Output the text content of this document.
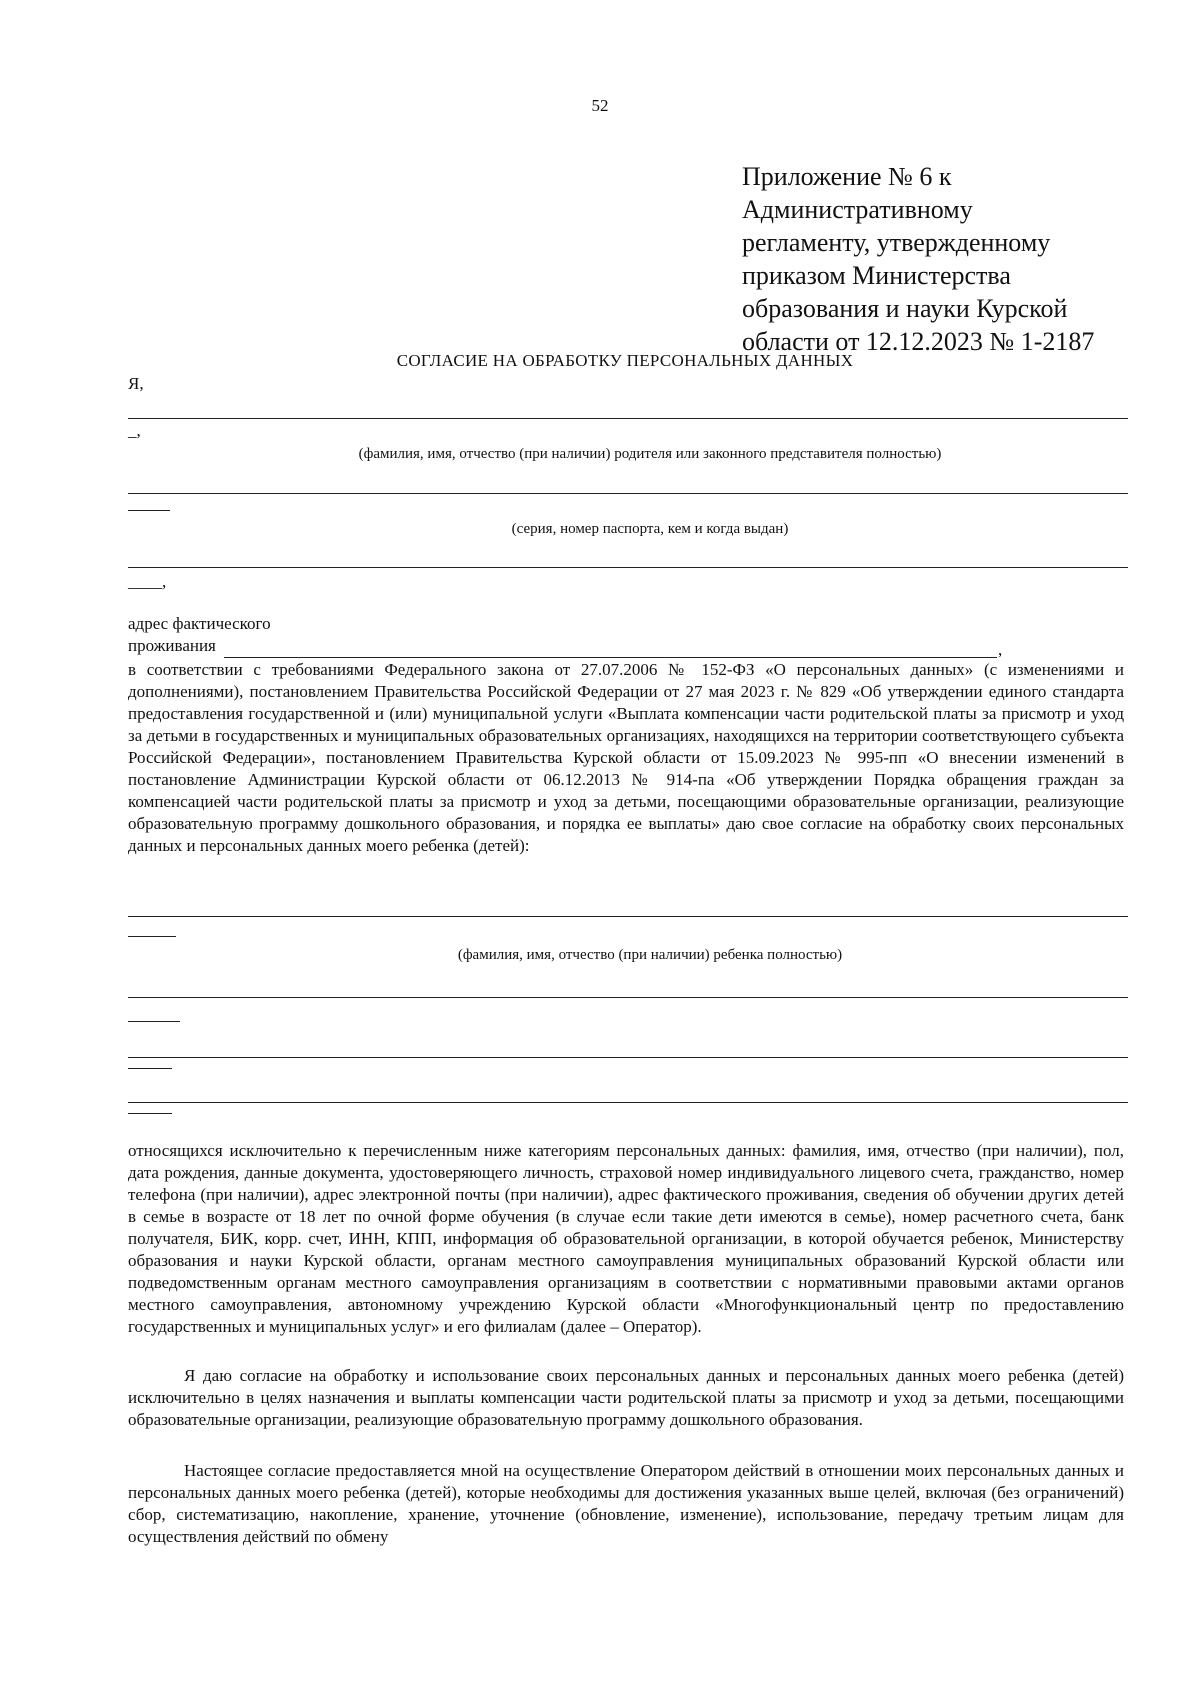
52
Приложение № 6 к
Административному
регламенту, утвержденному
приказом Министерства
образования и науки Курской
области от 12.12.2023 № 1-2187
СОГЛАСИЕ НА ОБРАБОТКУ ПЕРСОНАЛЬНЫХ ДАННЫХ
Я,
_,
(фамилия, имя, отчество (при наличии) родителя или законного представителя полностью)
(серия, номер паспорта, кем и когда выдан)
____,
адрес фактического
проживания	,
в соответствии с требованиями Федерального закона от 27.07.2006 № 152-ФЗ «О персональных данных» (с изменениями и дополнениями), постановлением Правительства Российской Федерации от 27 мая 2023 г. № 829 «Об утверждении единого стандарта предоставления государственной и (или) муниципальной услуги «Выплата компенсации части родительской платы за присмотр и уход за детьми в государственных и муниципальных образовательных организациях, находящихся на территории соответствующего субъекта Российской Федерации», постановлением Правительства Курской области от 15.09.2023 № 995-пп «О внесении изменений в постановление Администрации Курской области от 06.12.2013 № 914-па «Об утверждении Порядка обращения граждан за компенсацией части родительской платы за присмотр и уход за детьми, посещающими образовательные организации, реализующие образовательную программу дошкольного образования, и порядка ее выплаты» даю свое согласие на обработку своих персональных данных и персональных данных моего ребенка (детей):
(фамилия, имя, отчество (при наличии) ребенка полностью)
относящихся исключительно к перечисленным ниже категориям персональных данных: фамилия, имя, отчество (при наличии), пол, дата рождения, данные документа, удостоверяющего личность, страховой номер индивидуального лицевого счета, гражданство, номер телефона (при наличии), адрес электронной почты (при наличии), адрес фактического проживания, сведения об обучении других детей в семье в возрасте от 18 лет по очной форме обучения (в случае если такие дети имеются в семье), номер расчетного счета, банк получателя, БИК, корр. счет, ИНН, КПП, информация об образовательной организации, в которой обучается ребенок, Министерству образования и науки Курской области, органам местного самоуправления муниципальных образований Курской области или подведомственным органам местного самоуправления организациям в соответствии с нормативными правовыми актами органов местного самоуправления, автономному учреждению Курской области «Многофункциональный центр по предоставлению государственных и муниципальных услуг» и его филиалам (далее – Оператор).
Я даю согласие на обработку и использование своих персональных данных и персональных данных моего ребенка (детей) исключительно в целях назначения и выплаты компенсации части родительской платы за присмотр и уход за детьми, посещающими образовательные организации, реализующие образовательную программу дошкольного образования.
Настоящее согласие предоставляется мной на осуществление Оператором действий в отношении моих персональных данных и персональных данных моего ребенка (детей), которые необходимы для достижения указанных выше целей, включая (без ограничений) сбор, систематизацию, накопление, хранение, уточнение (обновление, изменение), использование, передачу третьим лицам для осуществления действий по обмену
